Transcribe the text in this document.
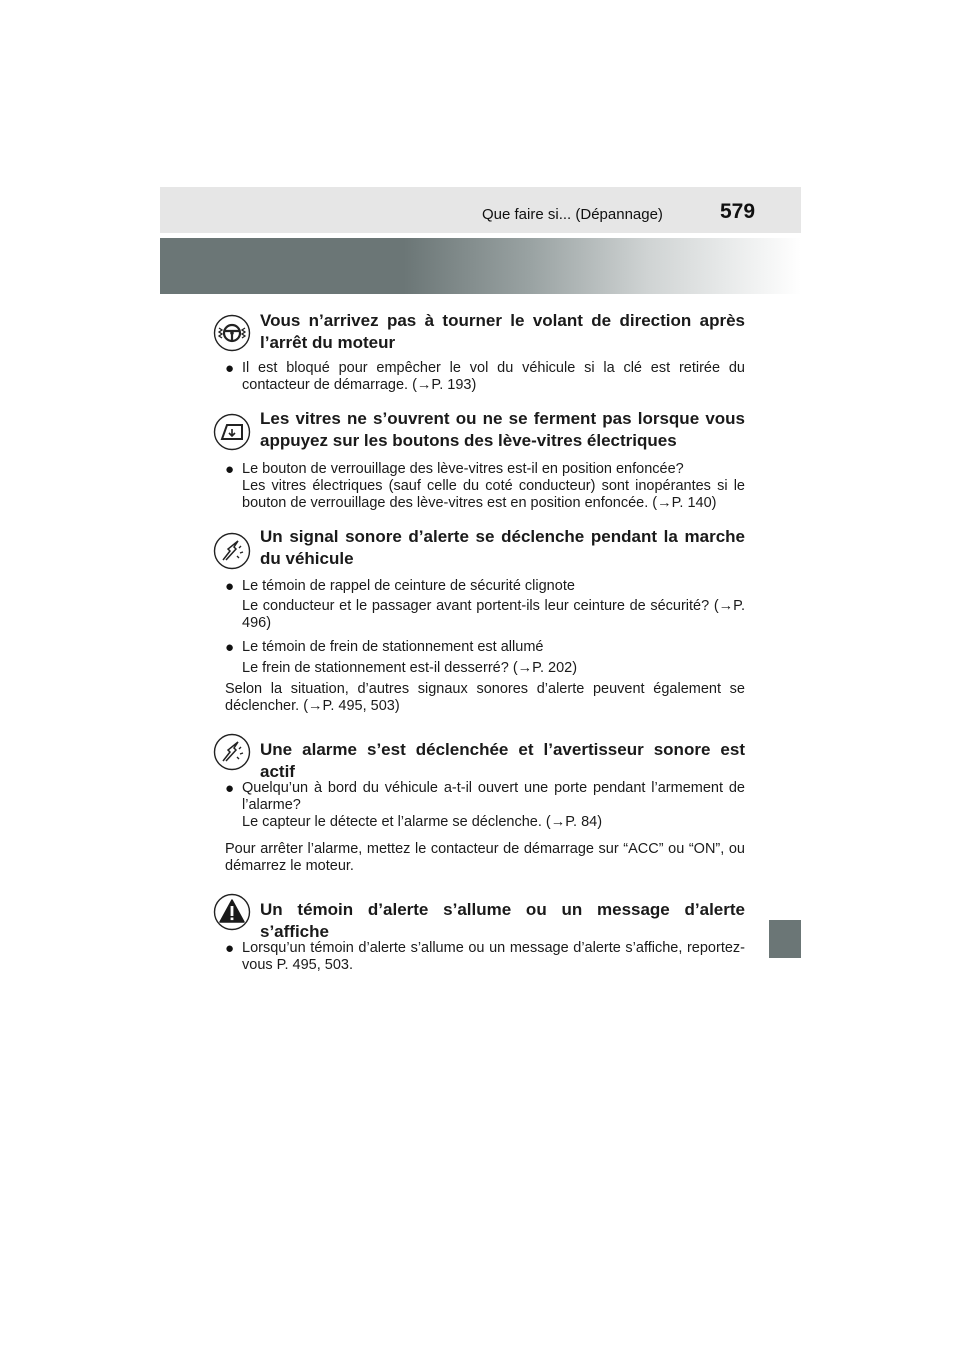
Que faire si... (Dépannage)	579
Vous n’arrivez pas à tourner le volant de direction après l’arrêt du moteur
● Il est bloqué pour empêcher le vol du véhicule si la clé est retirée du contacteur de démarrage. (→P. 193)
Les vitres ne s’ouvrent ou ne se ferment pas lorsque vous appuyez sur les boutons des lève-vitres électriques
● Le bouton de verrouillage des lève-vitres est-il en position enfoncée?
Les vitres électriques (sauf celle du coté conducteur) sont inopérantes si le bouton de verrouillage des lève-vitres est en position enfoncée. (→P. 140)
Un signal sonore d’alerte se déclenche pendant la marche du véhicule
● Le témoin de rappel de ceinture de sécurité clignote
Le conducteur et le passager avant portent-ils leur ceinture de sécurité? (→P. 496)
● Le témoin de frein de stationnement est allumé
Le frein de stationnement est-il desserré? (→P. 202)
Selon la situation, d’autres signaux sonores d’alerte peuvent également se déclencher. (→P. 495, 503)
Une alarme s’est déclenchée et l’avertisseur sonore est actif
● Quelqu’un à bord du véhicule a-t-il ouvert une porte pendant l’armement de l’alarme?
Le capteur le détecte et l’alarme se déclenche. (→P. 84)
Pour arrêter l’alarme, mettez le contacteur de démarrage sur “ACC” ou “ON”, ou démarrez le moteur.
Un témoin d’alerte s’allume ou un message d’alerte s’affiche
● Lorsqu’un témoin d’alerte s’allume ou un message d’alerte s’affiche, reportez-vous P. 495, 503.
